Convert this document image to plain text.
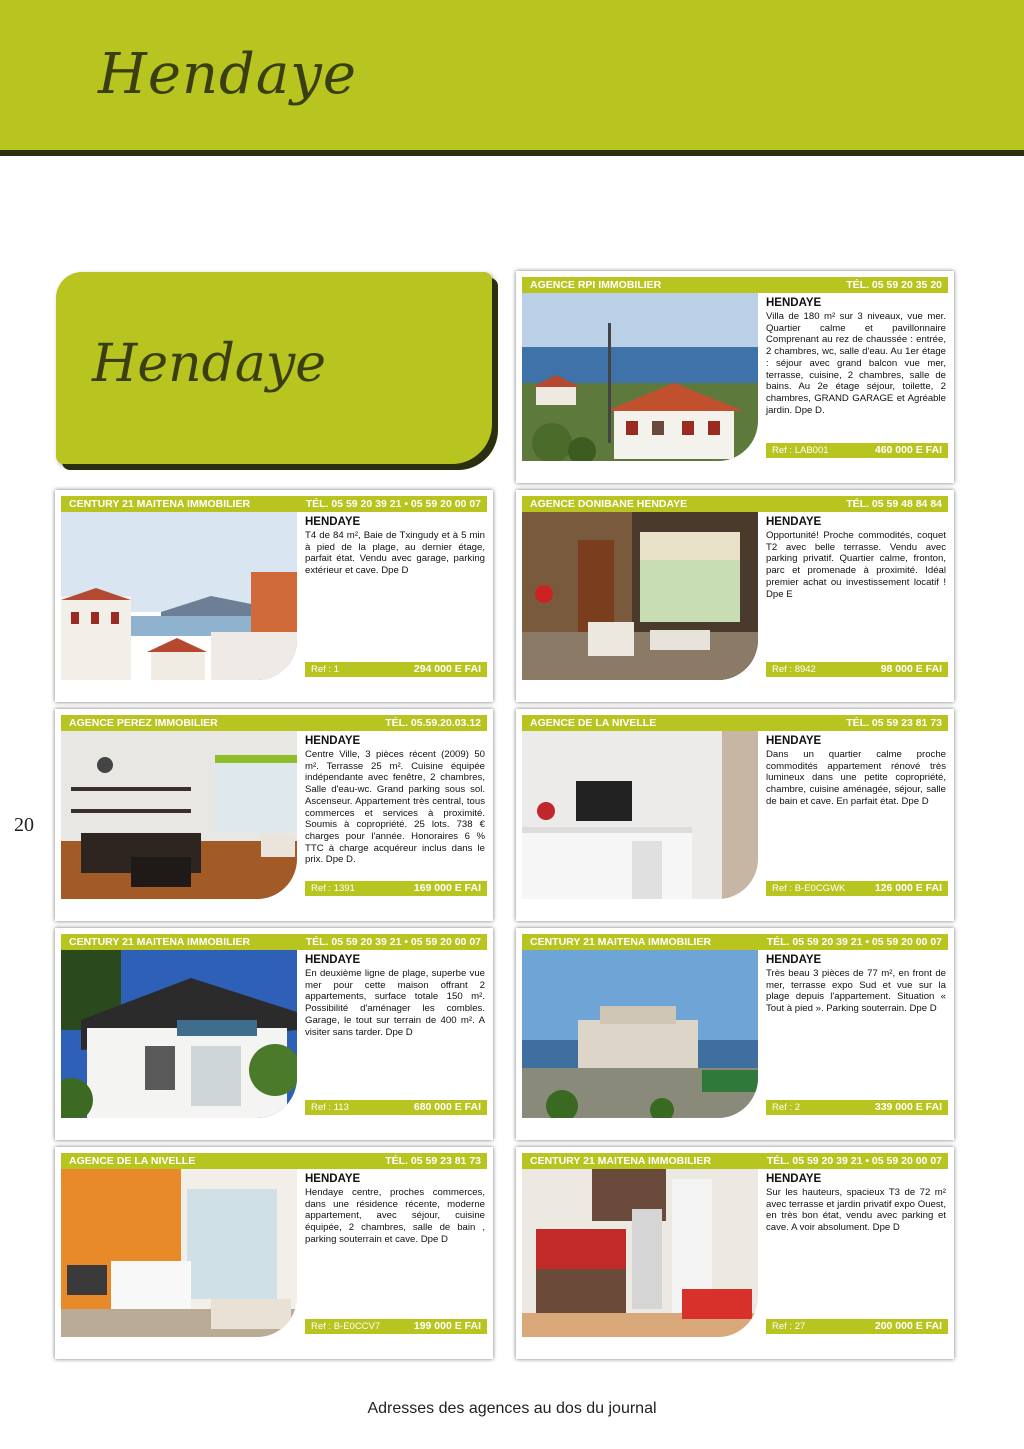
Hendaye
20
Hendaye
AGENCE RPI IMMOBILIER	TÉL. 05 59 20 35 20
HENDAYE
Villa de 180 m² sur 3 niveaux, vue mer. Quartier calme et pavillonnaire Comprenant au rez de chaussée : entrée, 2 chambres, wc, salle d'eau. Au 1er étage : séjour avec grand balcon vue mer, terrasse, cuisine, 2 chambres, salle de bains. Au 2e étage séjour, toilette, 2 chambres, GRAND GARAGE et Agréable jardin. Dpe D.
Ref : LAB001	460 000 E FAI
CENTURY 21 MAITENA IMMOBILIER	TÉL. 05 59 20 39 21 • 05 59 20 00 07
HENDAYE
T4 de 84 m², Baie de Txingudy et à 5 min à pied de la plage, au dernier étage, parfait état. Vendu avec garage, parking extérieur et cave. Dpe D
Ref : 1	294 000 E FAI
AGENCE DONIBANE HENDAYE	TÉL. 05 59 48 84 84
HENDAYE
Opportunité! Proche commodités, coquet T2 avec belle terrasse. Vendu avec parking privatif. Quartier calme, fronton, parc et promenade à proximité. Idéal premier achat ou investissement locatif ! Dpe E
Ref : 8942	98 000 E FAI
AGENCE PEREZ IMMOBILIER	TÉL. 05.59.20.03.12
HENDAYE
Centre Ville, 3 pièces récent (2009) 50 m². Terrasse 25 m². Cuisine équipée indépendante avec fenêtre, 2 chambres, Salle d'eau-wc. Grand parking sous sol. Ascenseur. Appartement très central, tous commerces et services à proximité. Soumis à copropriété. 25 lots. 738 € charges pour l'année. Honoraires 6 % TTC à charge acquéreur inclus dans le prix. Dpe D.
Ref : 1391	169 000 E FAI
AGENCE DE LA NIVELLE	TÉL. 05 59 23 81 73
HENDAYE
Dans un quartier calme proche commodités appartement rénové très lumineux dans une petite copropriété, chambre, cuisine aménagée, séjour, salle de bain et cave. En parfait état. Dpe D
Ref : B-E0CGWK	126 000 E FAI
CENTURY 21 MAITENA IMMOBILIER	TÉL. 05 59 20 39 21 • 05 59 20 00 07
HENDAYE
En deuxième ligne de plage, superbe vue mer pour cette maison offrant 2 appartements, surface totale 150 m². Possibilité d'aménager les combles. Garage, le tout sur terrain de 400 m². A visiter sans tarder. Dpe D
Ref : 113	680 000 E FAI
CENTURY 21 MAITENA IMMOBILIER	TÉL. 05 59 20 39 21 • 05 59 20 00 07
HENDAYE
Très beau 3 pièces de 77 m², en front de mer, terrasse expo Sud et vue sur la plage depuis l'appartement. Situation « Tout à pied ». Parking souterrain. Dpe D
Ref : 2	339 000 E FAI
AGENCE DE LA NIVELLE	TÉL. 05 59 23 81 73
HENDAYE
Hendaye centre, proches commerces, dans une résidence récente, moderne appartement, avec séjour, cuisine équipée, 2 chambres, salle de bain , parking souterrain et cave. Dpe D
Ref : B-E0CCV7	199 000 E FAI
CENTURY 21 MAITENA IMMOBILIER	TÉL. 05 59 20 39 21 • 05 59 20 00 07
HENDAYE
Sur les hauteurs, spacieux T3 de 72 m² avec terrasse et jardin privatif expo Ouest, en très bon état, vendu avec parking et cave. A voir absolument. Dpe D
Ref : 27	200 000 E FAI
Adresses des agences au dos du journal
